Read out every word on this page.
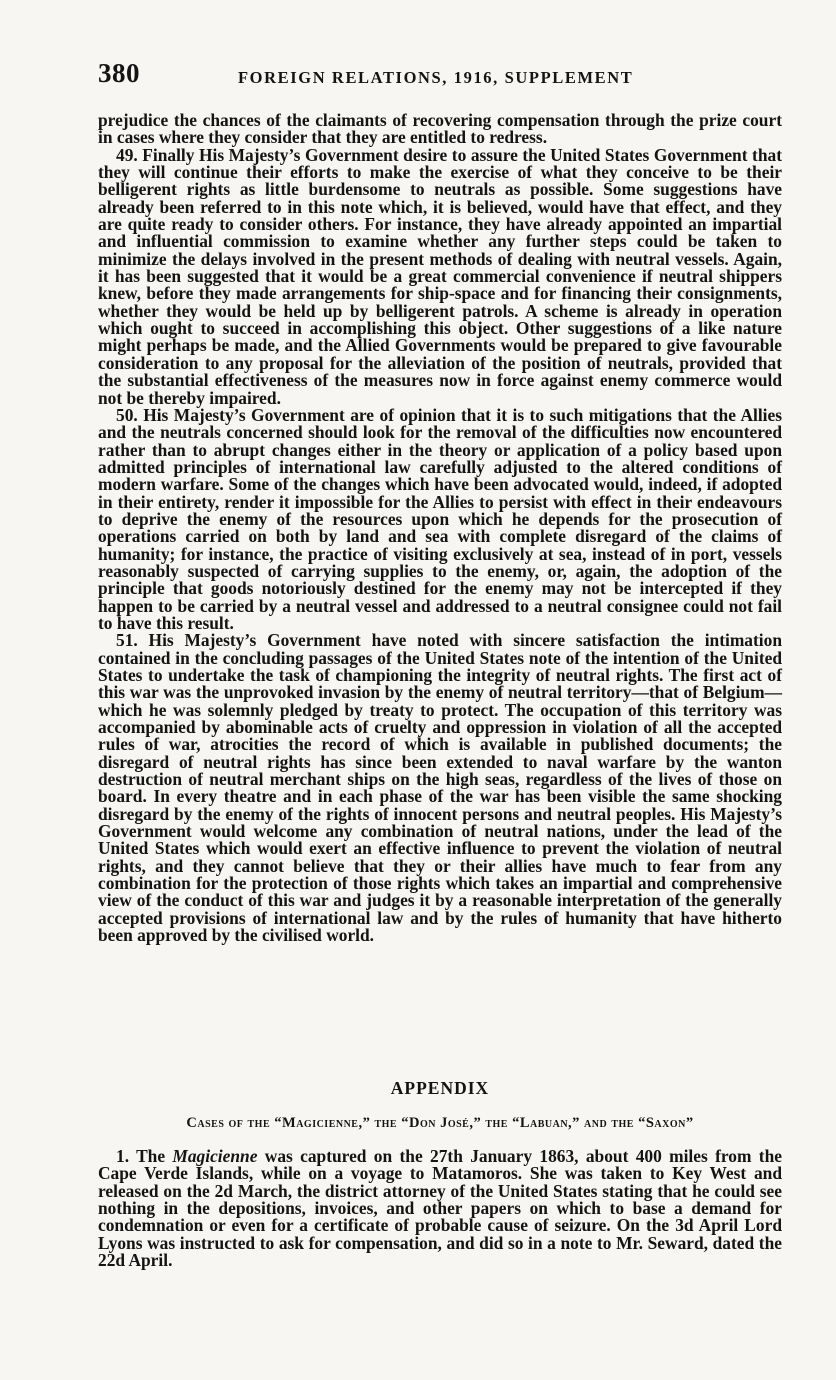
380	FOREIGN RELATIONS, 1916, SUPPLEMENT

prejudice the chances of the claimants of recovering compensation through the prize court in cases where they consider that they are entitled to redress.

49. Finally His Majesty’s Government desire to assure the United States Government that they will continue their efforts to make the exercise of what they conceive to be their belligerent rights as little burdensome to neutrals as possible. Some suggestions have already been referred to in this note which, it is believed, would have that effect, and they are quite ready to consider others. For instance, they have already appointed an impartial and influential commission to examine whether any further steps could be taken to minimize the delays involved in the present methods of dealing with neutral vessels. Again, it has been suggested that it would be a great commercial convenience if neutral shippers knew, before they made arrangements for ship-space and for financing their consignments, whether they would be held up by belligerent patrols. A scheme is already in operation which ought to succeed in accomplishing this object. Other suggestions of a like nature might perhaps be made, and the Allied Governments would be prepared to give favourable consideration to any proposal for the alleviation of the position of neutrals, provided that the substantial effectiveness of the measures now in force against enemy commerce would not be thereby impaired.

50. His Majesty’s Government are of opinion that it is to such mitigations that the Allies and the neutrals concerned should look for the removal of the difficulties now encountered rather than to abrupt changes either in the theory or application of a policy based upon admitted principles of international law carefully adjusted to the altered conditions of modern warfare. Some of the changes which have been advocated would, indeed, if adopted in their entirety, render it impossible for the Allies to persist with effect in their endeavours to deprive the enemy of the resources upon which he depends for the prosecution of operations carried on both by land and sea with complete disregard of the claims of humanity; for instance, the practice of visiting exclusively at sea, instead of in port, vessels reasonably suspected of carrying supplies to the enemy, or, again, the adoption of the principle that goods notoriously destined for the enemy may not be intercepted if they happen to be carried by a neutral vessel and addressed to a neutral consignee could not fail to have this result.

51. His Majesty’s Government have noted with sincere satisfaction the intimation contained in the concluding passages of the United States note of the intention of the United States to undertake the task of championing the integrity of neutral rights. The first act of this war was the unprovoked invasion by the enemy of neutral territory—that of Belgium—which he was solemnly pledged by treaty to protect. The occupation of this territory was accompanied by abominable acts of cruelty and oppression in violation of all the accepted rules of war, atrocities the record of which is available in published documents; the disregard of neutral rights has since been extended to naval warfare by the wanton destruction of neutral merchant ships on the high seas, regardless of the lives of those on board. In every theatre and in each phase of the war has been visible the same shocking disregard by the enemy of the rights of innocent persons and neutral peoples. His Majesty’s Government would welcome any combination of neutral nations, under the lead of the United States which would exert an effective influence to prevent the violation of neutral rights, and they cannot believe that they or their allies have much to fear from any combination for the protection of those rights which takes an impartial and comprehensive view of the conduct of this war and judges it by a reasonable interpretation of the generally accepted provisions of international law and by the rules of humanity that have hitherto been approved by the civilised world.

APPENDIX
Cases of the “Magicienne,” the “Don José,” the “Labuan,” and the “Saxon”

1. The Magicienne was captured on the 27th January 1863, about 400 miles from the Cape Verde Islands, while on a voyage to Matamoros. She was taken to Key West and released on the 2d March, the district attorney of the United States stating that he could see nothing in the depositions, invoices, and other papers on which to base a demand for condemnation or even for a certificate of probable cause of seizure. On the 3d April Lord Lyons was instructed to ask for compensation, and did so in a note to Mr. Seward, dated the 22d April.
